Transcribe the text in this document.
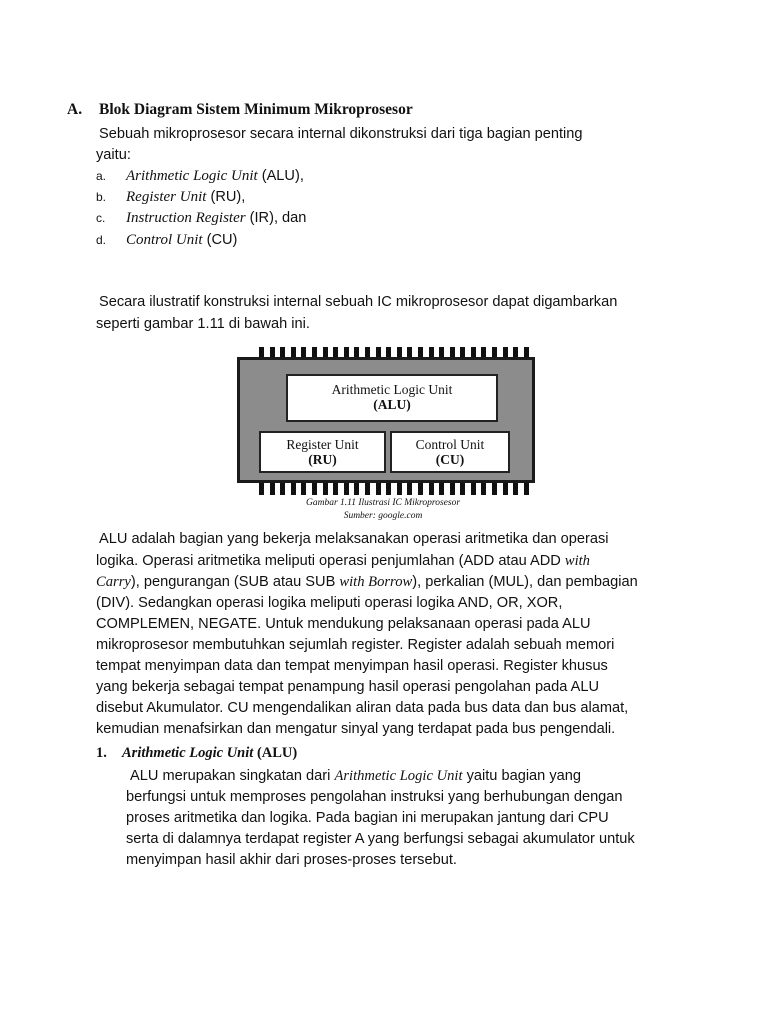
A. Blok Diagram Sistem Minimum Mikroprosesor
Sebuah mikroprosesor secara internal dikonstruksi dari tiga bagian penting
yaitu:
a. Arithmetic Logic Unit (ALU),
b. Register Unit (RU),
c. Instruction Register (IR), dan
d. Control Unit (CU)
Secara ilustratif konstruksi internal sebuah IC mikroprosesor dapat digambarkan
seperti gambar 1.11 di bawah ini.
Arithmetic Logic Unit
(ALU)
Register Unit
(RU)
Control Unit
(CU)
Gambar 1.11 Ilustrasi IC Mikroprosesor
Sumber: google.com
ALU adalah bagian yang bekerja melaksanakan operasi aritmetika dan operasi
logika. Operasi aritmetika meliputi operasi penjumlahan (ADD atau ADD with
Carry), pengurangan (SUB atau SUB with Borrow), perkalian (MUL), dan pembagian
(DIV). Sedangkan operasi logika meliputi operasi logika AND, OR, XOR,
COMPLEMEN, NEGATE. Untuk mendukung pelaksanaan operasi pada ALU
mikroprosesor membutuhkan sejumlah register. Register adalah sebuah memori
tempat menyimpan data dan tempat menyimpan hasil operasi. Register khusus
yang bekerja sebagai tempat penampung hasil operasi pengolahan pada ALU
disebut Akumulator. CU mengendalikan aliran data pada bus data dan bus alamat,
kemudian menafsirkan dan mengatur sinyal yang terdapat pada bus pengendali.
1. Arithmetic Logic Unit (ALU)
ALU merupakan singkatan dari Arithmetic Logic Unit yaitu bagian yang
berfungsi untuk memproses pengolahan instruksi yang berhubungan dengan
proses aritmetika dan logika. Pada bagian ini merupakan jantung dari CPU
serta di dalamnya terdapat register A yang berfungsi sebagai akumulator untuk
menyimpan hasil akhir dari proses-proses tersebut.
